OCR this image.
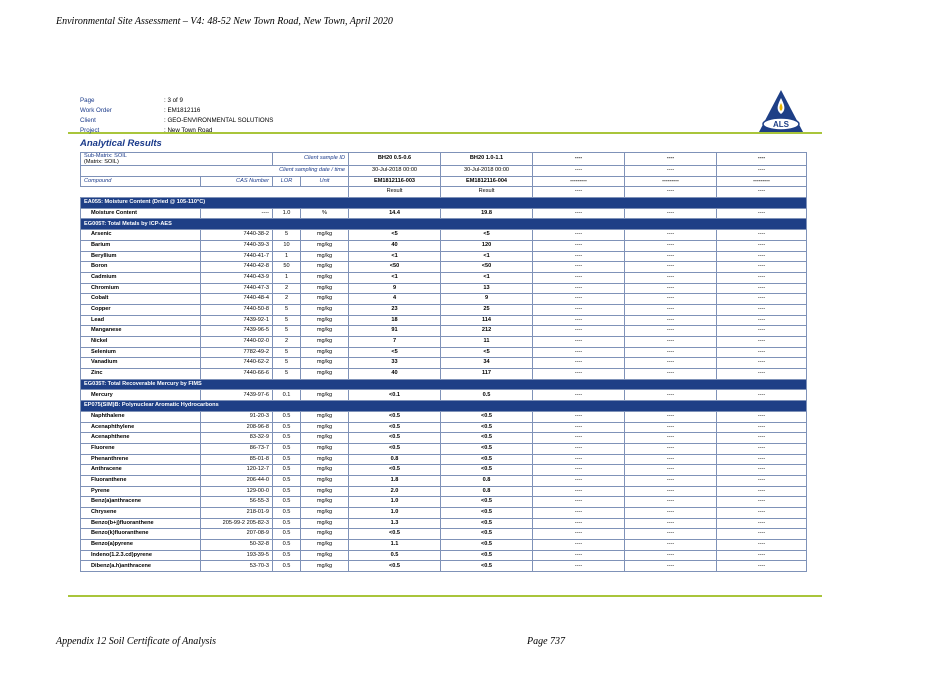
Environmental Site Assessment – V4: 48-52 New Town Road, New Town, April 2020
Page	: 3 of 9
Work Order	: EM1812116
Client	: GEO-ENVIRONMENTAL SOLUTIONS
Project	: New Town Road
ALS
Analytical Results
Sub-Matrix: SOIL
(Matrix: SOIL)		Client sample ID		BH20 0.5-0.6	BH20 1.0-1.1	----	----	----
Client sampling date / time				30-Jul-2018 00:00	30-Jul-2018 00:00	----	----	----
Compound	CAS Number	LOR	Unit	EM1812116-003	EM1812116-004	---------	---------	---------
				Result	Result	----	----	----
EA055: Moisture Content (Dried @ 105-110°C)								
Moisture Content	----	1.0	%	14.4	19.8	----	----	----
EG005T: Total Metals by ICP-AES								
Arsenic	7440-38-2	5	mg/kg	<5	<5	----	----	----
Barium	7440-39-3	10	mg/kg	40	120	----	----	----
Beryllium	7440-41-7	1	mg/kg	<1	<1	----	----	----
Boron	7440-42-8	50	mg/kg	<50	<50	----	----	----
Cadmium	7440-43-9	1	mg/kg	<1	<1	----	----	----
Chromium	7440-47-3	2	mg/kg	9	13	----	----	----
Cobalt	7440-48-4	2	mg/kg	4	9	----	----	----
Copper	7440-50-8	5	mg/kg	23	25	----	----	----
Lead	7439-92-1	5	mg/kg	18	114	----	----	----
Manganese	7439-96-5	5	mg/kg	91	212	----	----	----
Nickel	7440-02-0	2	mg/kg	7	11	----	----	----
Selenium	7782-49-2	5	mg/kg	<5	<5	----	----	----
Vanadium	7440-62-2	5	mg/kg	33	34	----	----	----
Zinc	7440-66-6	5	mg/kg	40	117	----	----	----
EG035T: Total Recoverable Mercury by FIMS								
Mercury	7439-97-6	0.1	mg/kg	<0.1	0.5	----	----	----
EP075(SIM)B: Polynuclear Aromatic Hydrocarbons								
Naphthalene	91-20-3	0.5	mg/kg	<0.5	<0.5	----	----	----
Acenaphthylene	208-96-8	0.5	mg/kg	<0.5	<0.5	----	----	----
Acenaphthene	83-32-9	0.5	mg/kg	<0.5	<0.5	----	----	----
Fluorene	86-73-7	0.5	mg/kg	<0.5	<0.5	----	----	----
Phenanthrene	85-01-8	0.5	mg/kg	0.8	<0.5	----	----	----
Anthracene	120-12-7	0.5	mg/kg	<0.5	<0.5	----	----	----
Fluoranthene	206-44-0	0.5	mg/kg	1.8	0.8	----	----	----
Pyrene	129-00-0	0.5	mg/kg	2.0	0.8	----	----	----
Benz(a)anthracene	56-55-3	0.5	mg/kg	1.0	<0.5	----	----	----
Chrysene	218-01-9	0.5	mg/kg	1.0	<0.5	----	----	----
Benzo(b+j)fluoranthene	205-99-2 205-82-3	0.5	mg/kg	1.3	<0.5	----	----	----
Benzo(k)fluoranthene	207-08-9	0.5	mg/kg	<0.5	<0.5	----	----	----
Benzo(a)pyrene	50-32-8	0.5	mg/kg	1.1	<0.5	----	----	----
Indeno(1.2.3.cd)pyrene	193-39-5	0.5	mg/kg	0.5	<0.5	----	----	----
Dibenz(a.h)anthracene	53-70-3	0.5	mg/kg	<0.5	<0.5	----	----	----
Appendix 12 Soil Certificate of Analysis	Page 737
